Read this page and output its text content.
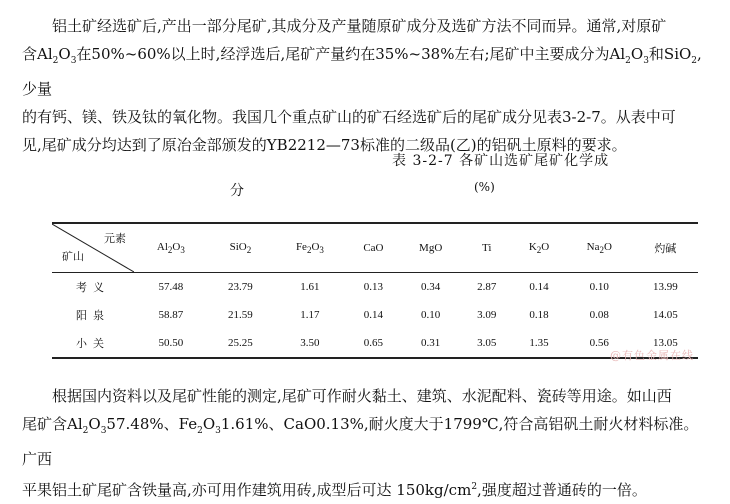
铝土矿经选矿后,产出一部分尾矿,其成分及产量随原矿成分及选矿方法不同而异。通常,对原矿

含$Al_2O_3$在50%~60%以上时,经浮选后,尾矿产量约在35%~38%左右;尾矿中主要成分为$Al_2O_3$和SiO$_2$,少量
的有钙、镁、铁及钛的氧化物。我国几个重点矿山的矿石经选矿后的尾矿成分见表3-2-7。从表中可
见,尾矿成分均达到了原冶金部颁发的YB2212—73标准的二级品(乙)的铝矾土原料的要求。
表 3-2-7 各矿山选矿尾矿化学成
分	(%)
元素
矿山	$Al_2O_3$	SiO$_2$	$Fe_2O_3$	CaO	MgO	Ti	$K_2O$	$Na_2O$	灼碱
考义	57.48	23.79	1.61	0.13	0.34	2.87	0.14	0.10	13.99
阳泉	58.87	21.59	1.17	0.14	0.10	3.09	0.18	0.08	14.05
小关	50.50	25.25	3.50	0.65	0.31	3.05	1.35	0.56	13.05
@有色金属在线

根据国内资料以及尾矿性能的测定,尾矿可作耐火黏土、建筑、水泥配料、瓷砖等用途。如山西

尾矿含$Al_2O_357.48\%$、$Fe_2O_31.61\%$、CaO0.13%,耐火度大于1799℃,符合高铝矾土耐火材料标准。广西
平果铝土矿尾矿含铁量高,亦可用作建筑用砖,成型后可达 $150kg/cm^2$,强度超过普通砖的一倍。
